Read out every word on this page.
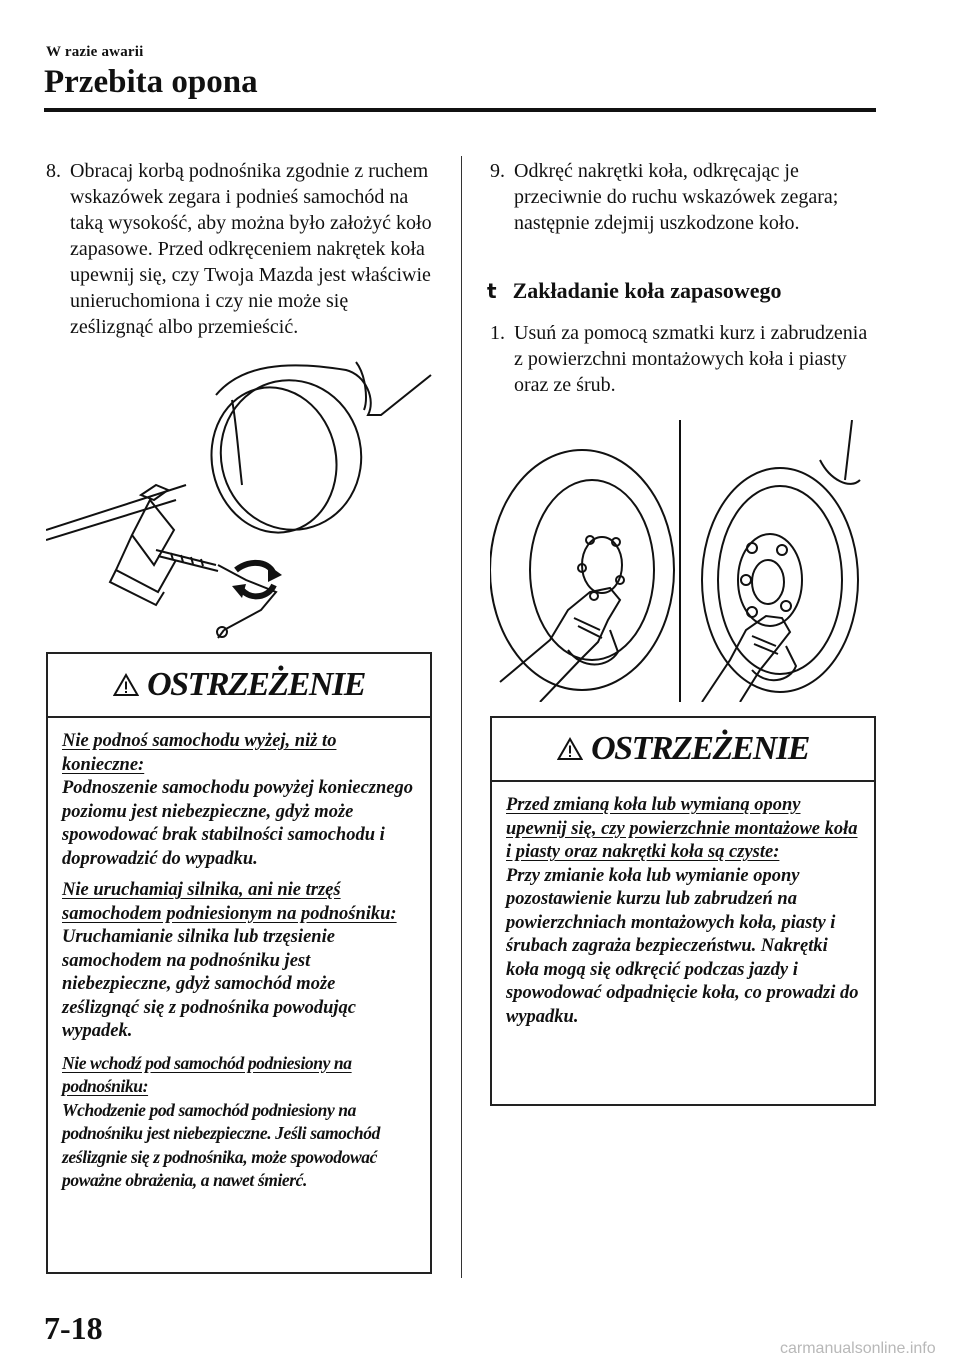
W razie awarii
Przebita opona

8. Obracaj korbą podnośnika zgodnie z ruchem wskazówek zegara i podnieś samochód na taką wysokość, aby można było założyć koło zapasowe. Przed odkręceniem nakrętek koła upewnij się, czy Twoja Mazda jest właściwie unieruchomiona i czy nie może się ześlizgnąć albo przemieścić.

OSTRZEŻENIE
Nie podnoś samochodu wyżej, niż to konieczne:
Podnoszenie samochodu powyżej koniecznego poziomu jest niebezpieczne, gdyż może spowodować brak stabilności samochodu i doprowadzić do wypadku.
Nie uruchamiaj silnika, ani nie trzęś samochodem podniesionym na podnośniku:
Uruchamianie silnika lub trzęsienie samochodem na podnośniku jest niebezpieczne, gdyż samochód może ześlizgnąć się z podnośnika powodując wypadek.
Nie wchodź pod samochód podniesiony na podnośniku:
Wchodzenie pod samochód podniesiony na podnośniku jest niebezpieczne. Jeśli samochód ześlizgnie się z podnośnika, może spowodować poważne obrażenia, a nawet śmierć.

9. Odkręć nakrętki koła, odkręcając je przeciwnie do ruchu wskazówek zegara; następnie zdejmij uszkodzone koło.

t Zakładanie koła zapasowego

1. Usuń za pomocą szmatki kurz i zabrudzenia z powierzchni montażowych koła i piasty oraz ze śrub.

OSTRZEŻENIE
Przed zmianą koła lub wymianą opony upewnij się, czy powierzchnie montażowe koła i piasty oraz nakrętki koła są czyste:
Przy zmianie koła lub wymianie opony pozostawienie kurzu lub zabrudzeń na powierzchniach montażowych koła, piasty i śrubach zagraża bezpieczeństwu. Nakrętki koła mogą się odkręcić podczas jazdy i spowodować odpadnięcie koła, co prowadzi do wypadku.
7-18
carmanualsonline.info
